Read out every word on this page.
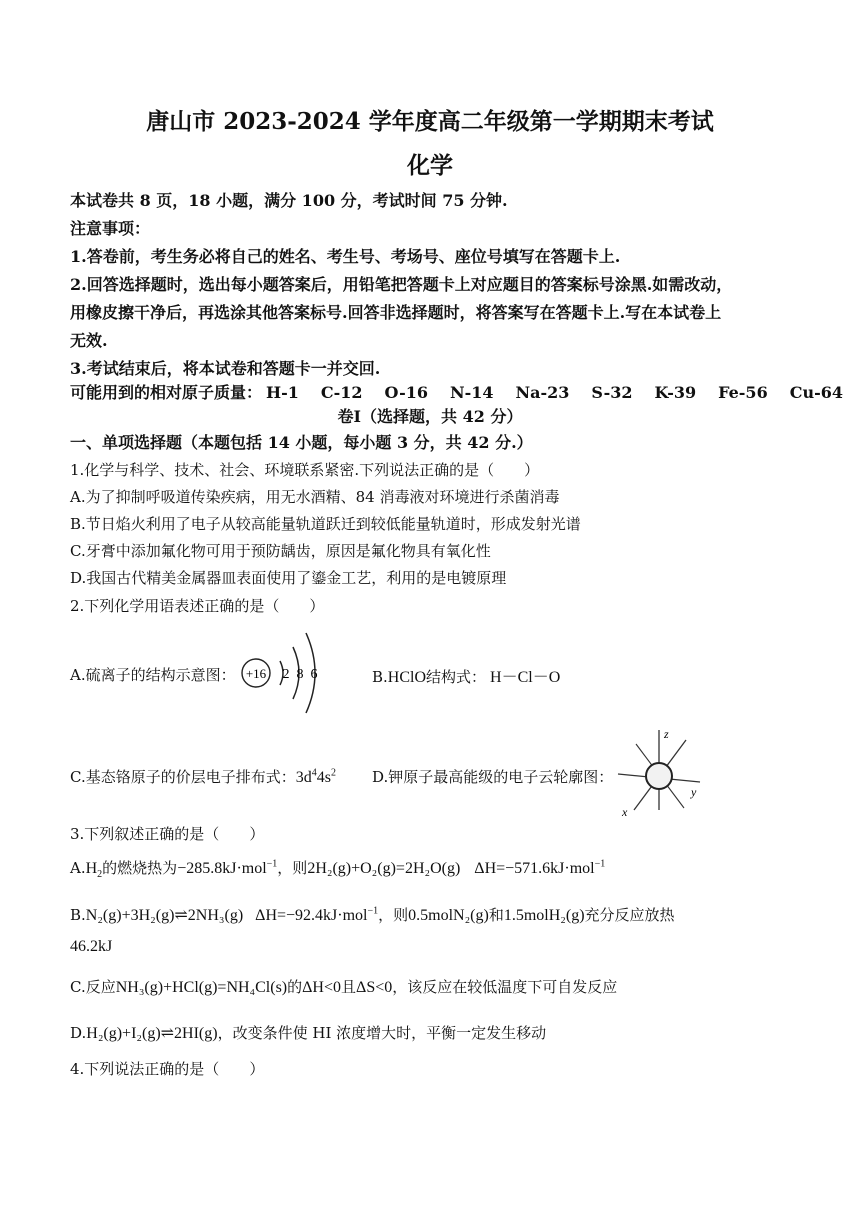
唐山市 2023-2024 学年度高二年级第一学期期末考试
化学
本试卷共 8 页，18 小题，满分 100 分，考试时间 75 分钟.
注意事项：
1.答卷前，考生务必将自己的姓名、考生号、考场号、座位号填写在答题卡上.
2.回答选择题时，选出每小题答案后，用铅笔把答题卡上对应题目的答案标号涂黑.如需改动，
用橡皮擦干净后，再选涂其他答案标号.回答非选择题时，将答案写在答题卡上.写在本试卷上
无效.
3.考试结束后，将本试卷和答题卡一并交回.
可能用到的相对原子质量： H-1 C-12 O-16 N-14 Na-23 S-32 K-39 Fe-56 Cu-64
卷Ⅰ（选择题，共 42 分）
一、单项选择题（本题包括 14 小题，每小题 3 分，共 42 分.）
1.化学与科学、技术、社会、环境联系紧密.下列说法正确的是（　　）
A.为了抑制呼吸道传染疾病，用无水酒精、84 消毒液对环境进行杀菌消毒
B.节日焰火利用了电子从较高能量轨道跃迁到较低能量轨道时，形成发射光谱
C.牙膏中添加氟化物可用于预防龋齿，原因是氟化物具有氧化性
D.我国古代精美金属器皿表面使用了鎏金工艺，利用的是电镀原理
2.下列化学用语表述正确的是（　　）
A.硫离子的结构示意图： +16 2 8 6	B.HClO结构式： H－Cl－O
C.基态铬原子的价层电子排布式：$3d^44s^2$ D.钾原子最高能级的电子云轮廓图：
z
y
x
3.下列叙述正确的是（　　）
$A.H_2$的燃烧热为−285.8kJ·mol$^{-1}$，则2H₂(g)+O₂(g)=2H₂O(g) ΔH=−571.6kJ·mol$^{-1}$
B.N₂(g)+3H₂(g)⇌2NH₃(g) ΔH=−92.4kJ·mol$^{-1}$，则0.5molN₂(g)和1.5molH₂(g)充分反应放热
46.2kJ
C.反应NH₃(g)+HCl(g)=NH₄Cl(s)的ΔH<0且ΔS<0，该反应在较低温度下可自发反应
D.H₂(g)+I₂(g)⇌2HI(g)，改变条件使 HI 浓度增大时，平衡一定发生移动
4.下列说法正确的是（　　）
